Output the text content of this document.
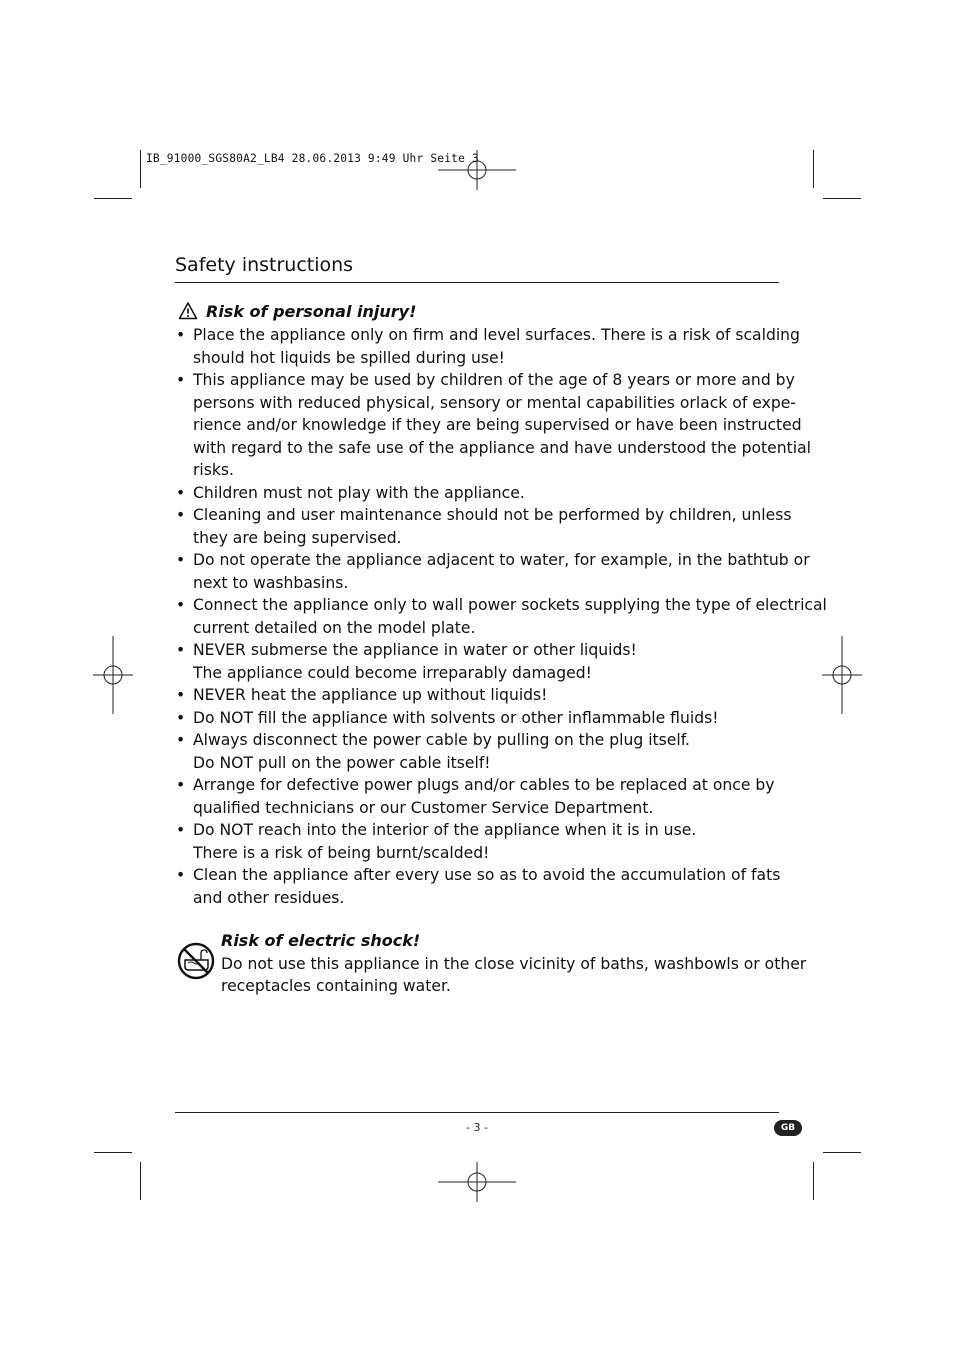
IB_91000_SGS80A2_LB4 28.06.2013 9:49 Uhr Seite 3
Safety instructions
Risk of personal injury!
• Place the appliance only on firm and level surfaces. There is a risk of scalding
should hot liquids be spilled during use!
• This appliance may be used by children of the age of 8 years or more and by
persons with reduced physical, sensory or mental capabilities orlack of expe-
rience and/or knowledge if they are being supervised or have been instructed
with regard to the safe use of the appliance and have understood the potential
risks.
• Children must not play with the appliance.
• Cleaning and user maintenance should not be performed by children, unless
they are being supervised.
• Do not operate the appliance adjacent to water, for example, in the bathtub or
next to washbasins.
• Connect the appliance only to wall power sockets supplying the type of electrical
current detailed on the model plate.
• NEVER submerse the appliance in water or other liquids!
The appliance could become irreparably damaged!
• NEVER heat the appliance up without liquids!
• Do NOT fill the appliance with solvents or other inflammable fluids!
• Always disconnect the power cable by pulling on the plug itself.
Do NOT pull on the power cable itself!
• Arrange for defective power plugs and/or cables to be replaced at once by
qualified technicians or our Customer Service Department.
• Do NOT reach into the interior of the appliance when it is in use.
There is a risk of being burnt/scalded!
• Clean the appliance after every use so as to avoid the accumulation of fats
and other residues.
Risk of electric shock!
Do not use this appliance in the close vicinity of baths, washbowls or other
receptacles containing water.
- 3 -	GB
